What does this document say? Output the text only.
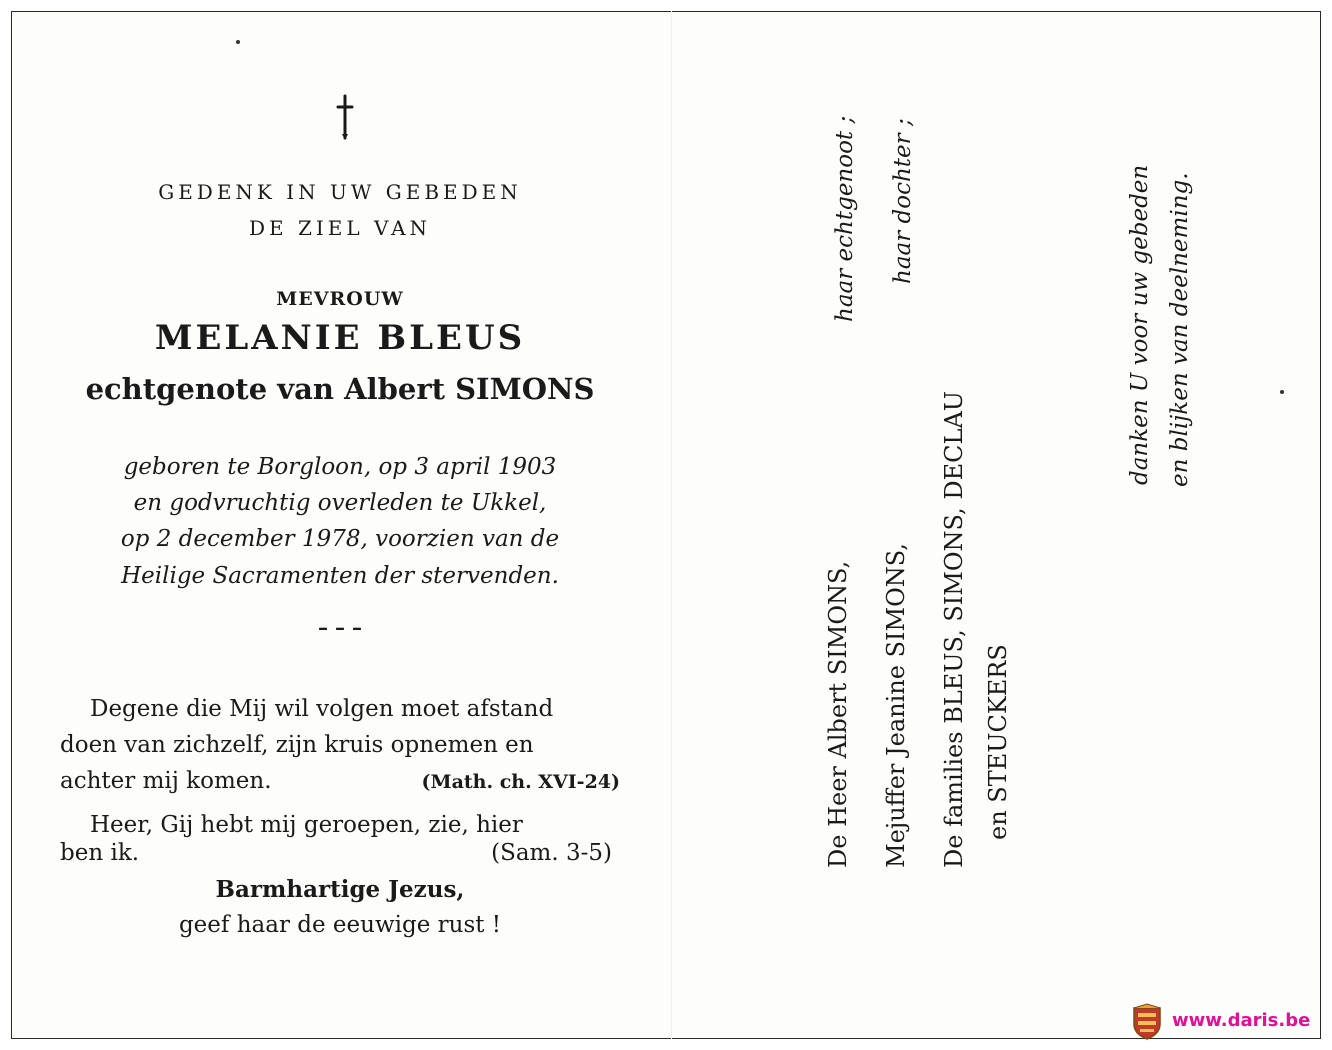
GEDENK IN UW GEBEDEN
DE ZIEL VAN
MEVROUW
MELANIE BLEUS
echtgenote van Albert SIMONS
geboren te Borgloon, op 3 april 1903
en godvruchtig overleden te Ukkel,
op 2 december 1978, voorzien van de
Heilige Sacramenten der stervenden.
– – –
Degene die Mij wil volgen moet afstand
doen van zichzelf, zijn kruis opnemen en
achter mij komen.	(Math. ch. XVI-24)
Heer, Gij hebt mij geroepen, zie, hier
ben ik.	(Sam. 3-5)
Barmhartige Jezus,
geef haar de eeuwige rust !
De Heer Albert SIMONS,
haar echtgenoot ;
Mejuffer Jeanine SIMONS,
haar dochter ;
De families BLEUS, SIMONS, DECLAU en STEUCKERS
danken U voor uw gebeden en blijken van deelneming.
www.daris.be
